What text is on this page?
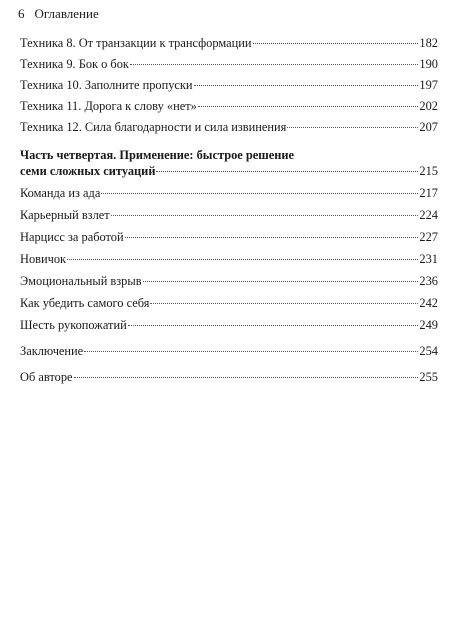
6 Оглавление
Техника 8. От транзакции к трансформации	182
Техника 9. Бок о бок	190
Техника 10. Заполните пропуски	197
Техника 11. Дорога к слову «нет»	202
Техника 12. Сила благодарности и сила извинения	207
Часть четвертая. Применение: быстрое решение
семи сложных ситуаций	215
Команда из ада	217
Карьерный взлет	224
Нарцисс за работой	227
Новичок	231
Эмоциональный взрыв	236
Как убедить самого себя	242
Шесть рукопожатий	249
Заключение	254
Об авторе	255
